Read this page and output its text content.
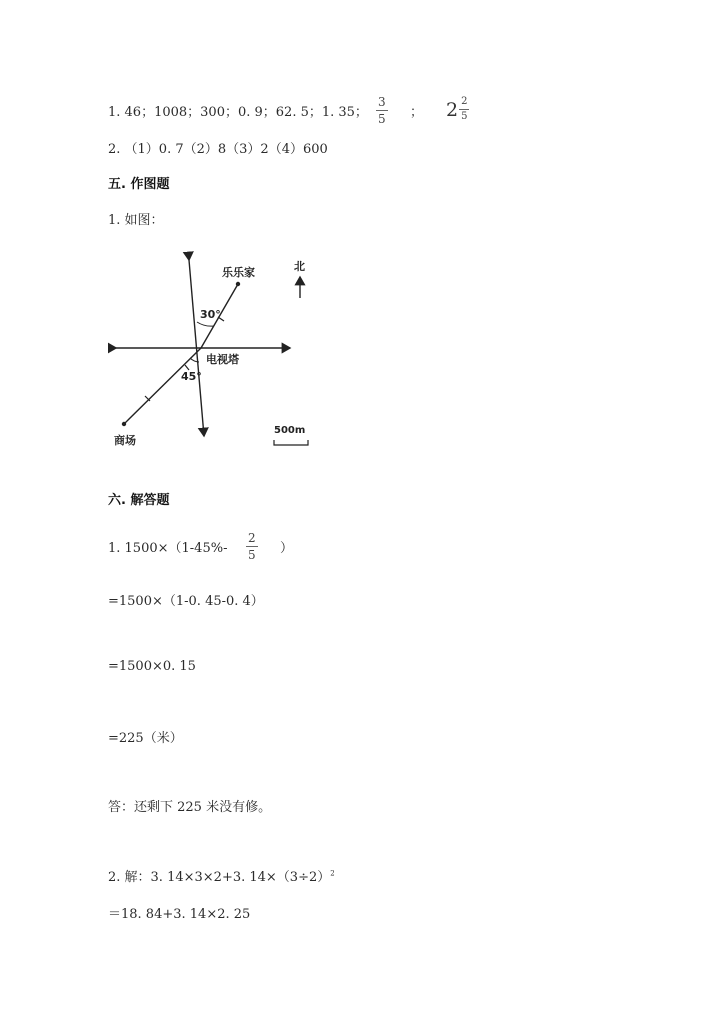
1. 46；1008；300；0. 9；62. 5；1. 35； $\frac{3}{5}$ ； $2 \frac{2}{5}$
2. （1）0. 7（2）8（3）2（4）600
五. 作图题
1. 如图：
30°
45°
乐乐家
电视塔
商场
北
500m
六. 解答题
1. $1500\times(1-45\%- \frac{2}{5}$ ）
=1500×（1-0. 45-0. 4）
=1500×0. 15
=225（米）
答：还剩下 225 米没有修。
2. 解：3. 14×3×2+3. $14\times(3\div 2)^2$
＝18. 84+3. 14×2. 25
